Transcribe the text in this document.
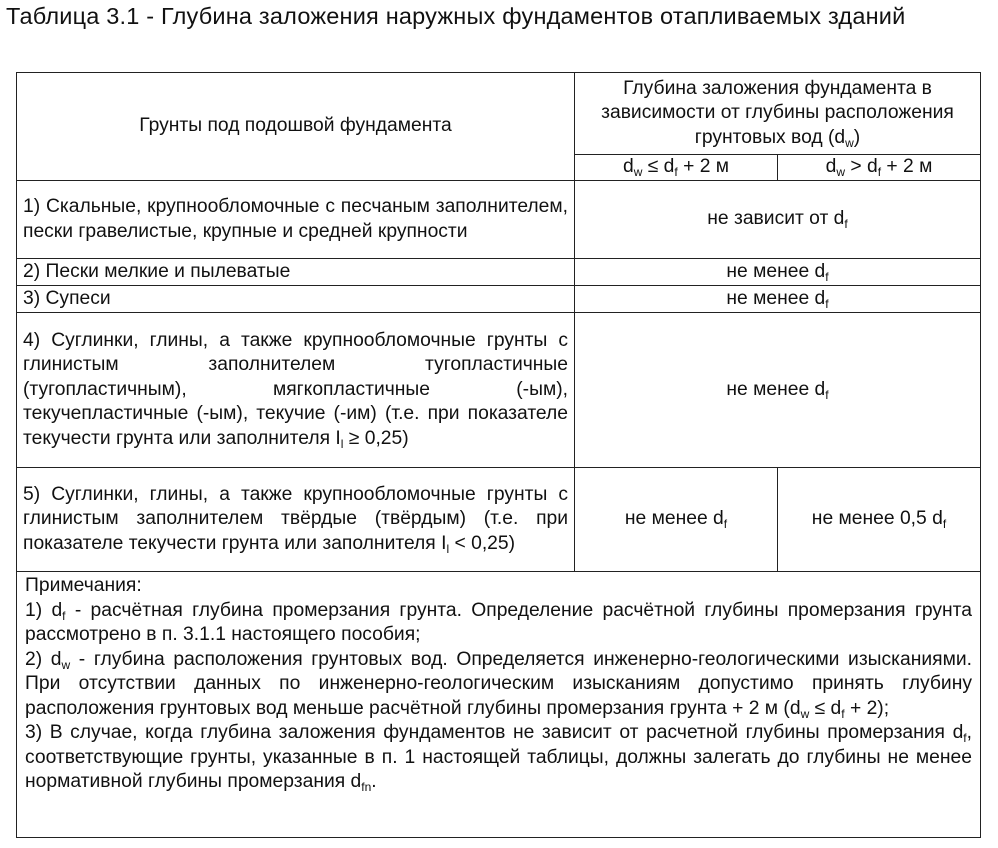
Таблица 3.1 - Глубина заложения наружных фундаментов отапливаемых зданий
Грунты под подошвой фундамента	Глубина заложения фундамента в зависимости от глубины расположения грунтовых вод $(d_w)$	
	$d_w \le d_f + 2$ м	$d_w > d_f + 2$ м
1) Скальные, крупнообломочные с песчаным заполнителем, пески гравелистые, крупные и средней крупности	не зависит от $d_f$
2) Пески мелкие и пылеватые	не менее $d_f$
3) Супеси	не менее $d_f$
4) Суглинки, глины, а также крупнообломочные грунты с глинистым заполнителем тугопластичные (тугопластичным), мягкопластичные (-ым), текучепластичные (-ым), текучие (-им) (т.е. при показателе текучести грунта или заполнителя $I_l \ge 0,25$)	не менее $d_f$
5) Суглинки, глины, а также крупнообломочные грунты с глинистым заполнителем твёрдые (твёрдым) (т.е. при показателе текучести грунта или заполнителя $I_l < 0,25$)	не менее $d_f$	не менее 0,5 $d_f$

Примечания:
1) $d_f$ - расчётная глубина промерзания грунта. Определение расчётной глубины промерзания грунта рассмотрено в п. 3.1.1 настоящего пособия;
2) $d_w$ - глубина расположения грунтовых вод. Определяется инженерно-геологическими изысканиями. При отсутствии данных по инженерно-геологическим изысканиям допустимо принять глубину расположения грунтовых вод меньше расчётной глубины промерзания грунта + 2 м $(d_w \le d_f + 2)$;
3) В случае, когда глубина заложения фундаментов не зависит от расчетной глубины промерзания $d_f$, соответствующие грунты, указанные в п. 1 настоящей таблицы, должны залегать до глубины не менее нормативной глубины промерзания $d_{fn}$.		
